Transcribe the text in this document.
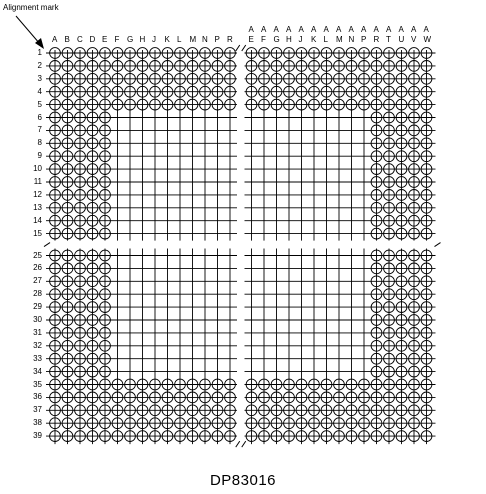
Alignment mark
A B C D E F G H J K L M N P R
A
E
A
F
A
G
A
H
A
J
A
K
A
L
A
M
A
N
A
P
A
R
A
T
A
U
A
V
A
W
1
2
3
4
5
6
7
8
9
10
11
12
13
14
15
25
26
27
28
29
30
31
32
33
34
35
36
37
38
39
DP83016
